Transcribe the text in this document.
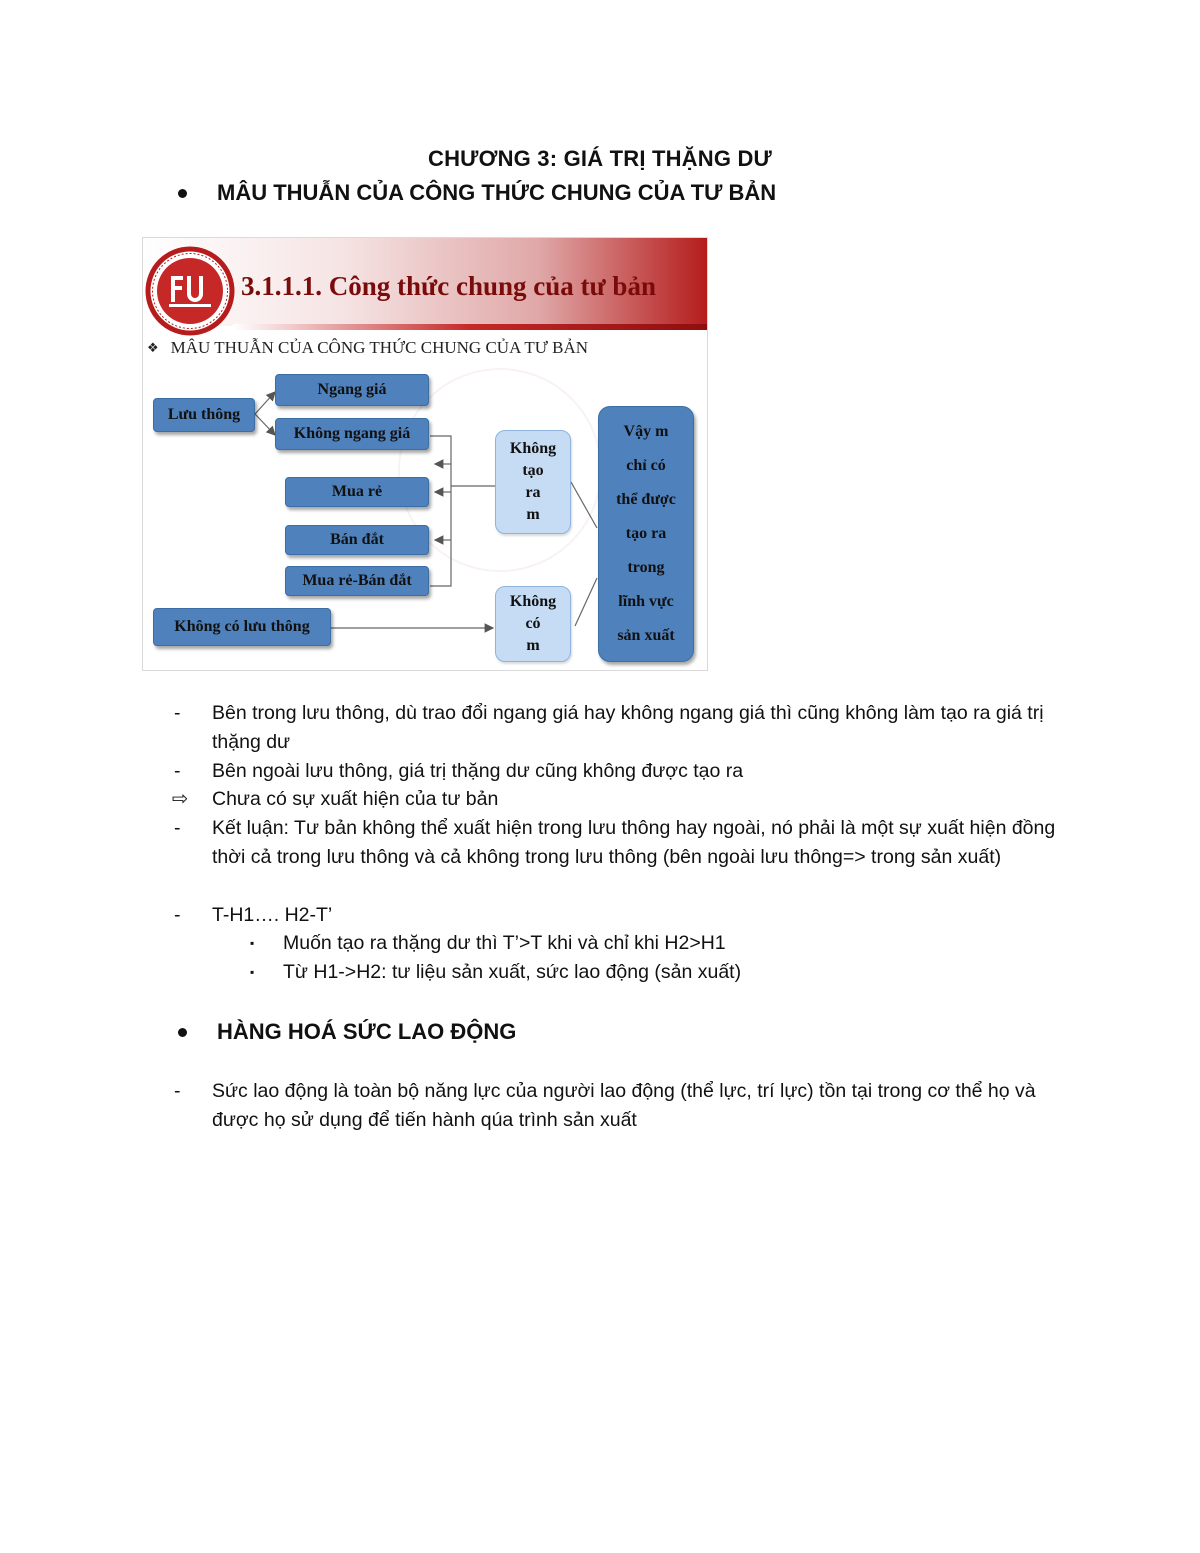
CHƯƠNG 3: GIÁ TRỊ THẶNG DƯ
MÂU THUẪN CỦA CÔNG THỨC CHUNG CỦA TƯ BẢN
3.1.1.1. Công thức chung của tư bản
❖ MÂU THUẪN CỦA CÔNG THỨC CHUNG CỦA TƯ BẢN
Lưu thông
Ngang giá
Không ngang giá
Mua rẻ
Bán đắt
Mua rẻ-Bán đắt
Không có lưu thông
Không
tạo
ra
m
Không
có
m
Vậy m
chỉ có
thể được
tạo ra
trong
lĩnh vực
sản xuất
- Bên trong lưu thông, dù trao đổi ngang giá hay không ngang giá thì cũng không làm tạo ra giá trị thặng dư
- Bên ngoài lưu thông, giá trị thặng dư cũng không được tạo ra
⇨ Chưa có sự xuất hiện của tư bản
- Kết luận: Tư bản không thể xuất hiện trong lưu thông hay ngoài, nó phải là một sự xuất hiện đồng thời cả trong lưu thông và cả không trong lưu thông (bên ngoài lưu thông=> trong sản xuất)
- T-H1…. H2-T’
▪ Muốn tạo ra thặng dư thì T’>T khi và chỉ khi H2>H1
▪ Từ H1->H2: tư liệu sản xuất, sức lao động (sản xuất)
HÀNG HOÁ SỨC LAO ĐỘNG
- Sức lao động là toàn bộ năng lực của người lao động (thể lực, trí lực) tồn tại trong cơ thể họ và được họ sử dụng để tiến hành qúa trình sản xuất
